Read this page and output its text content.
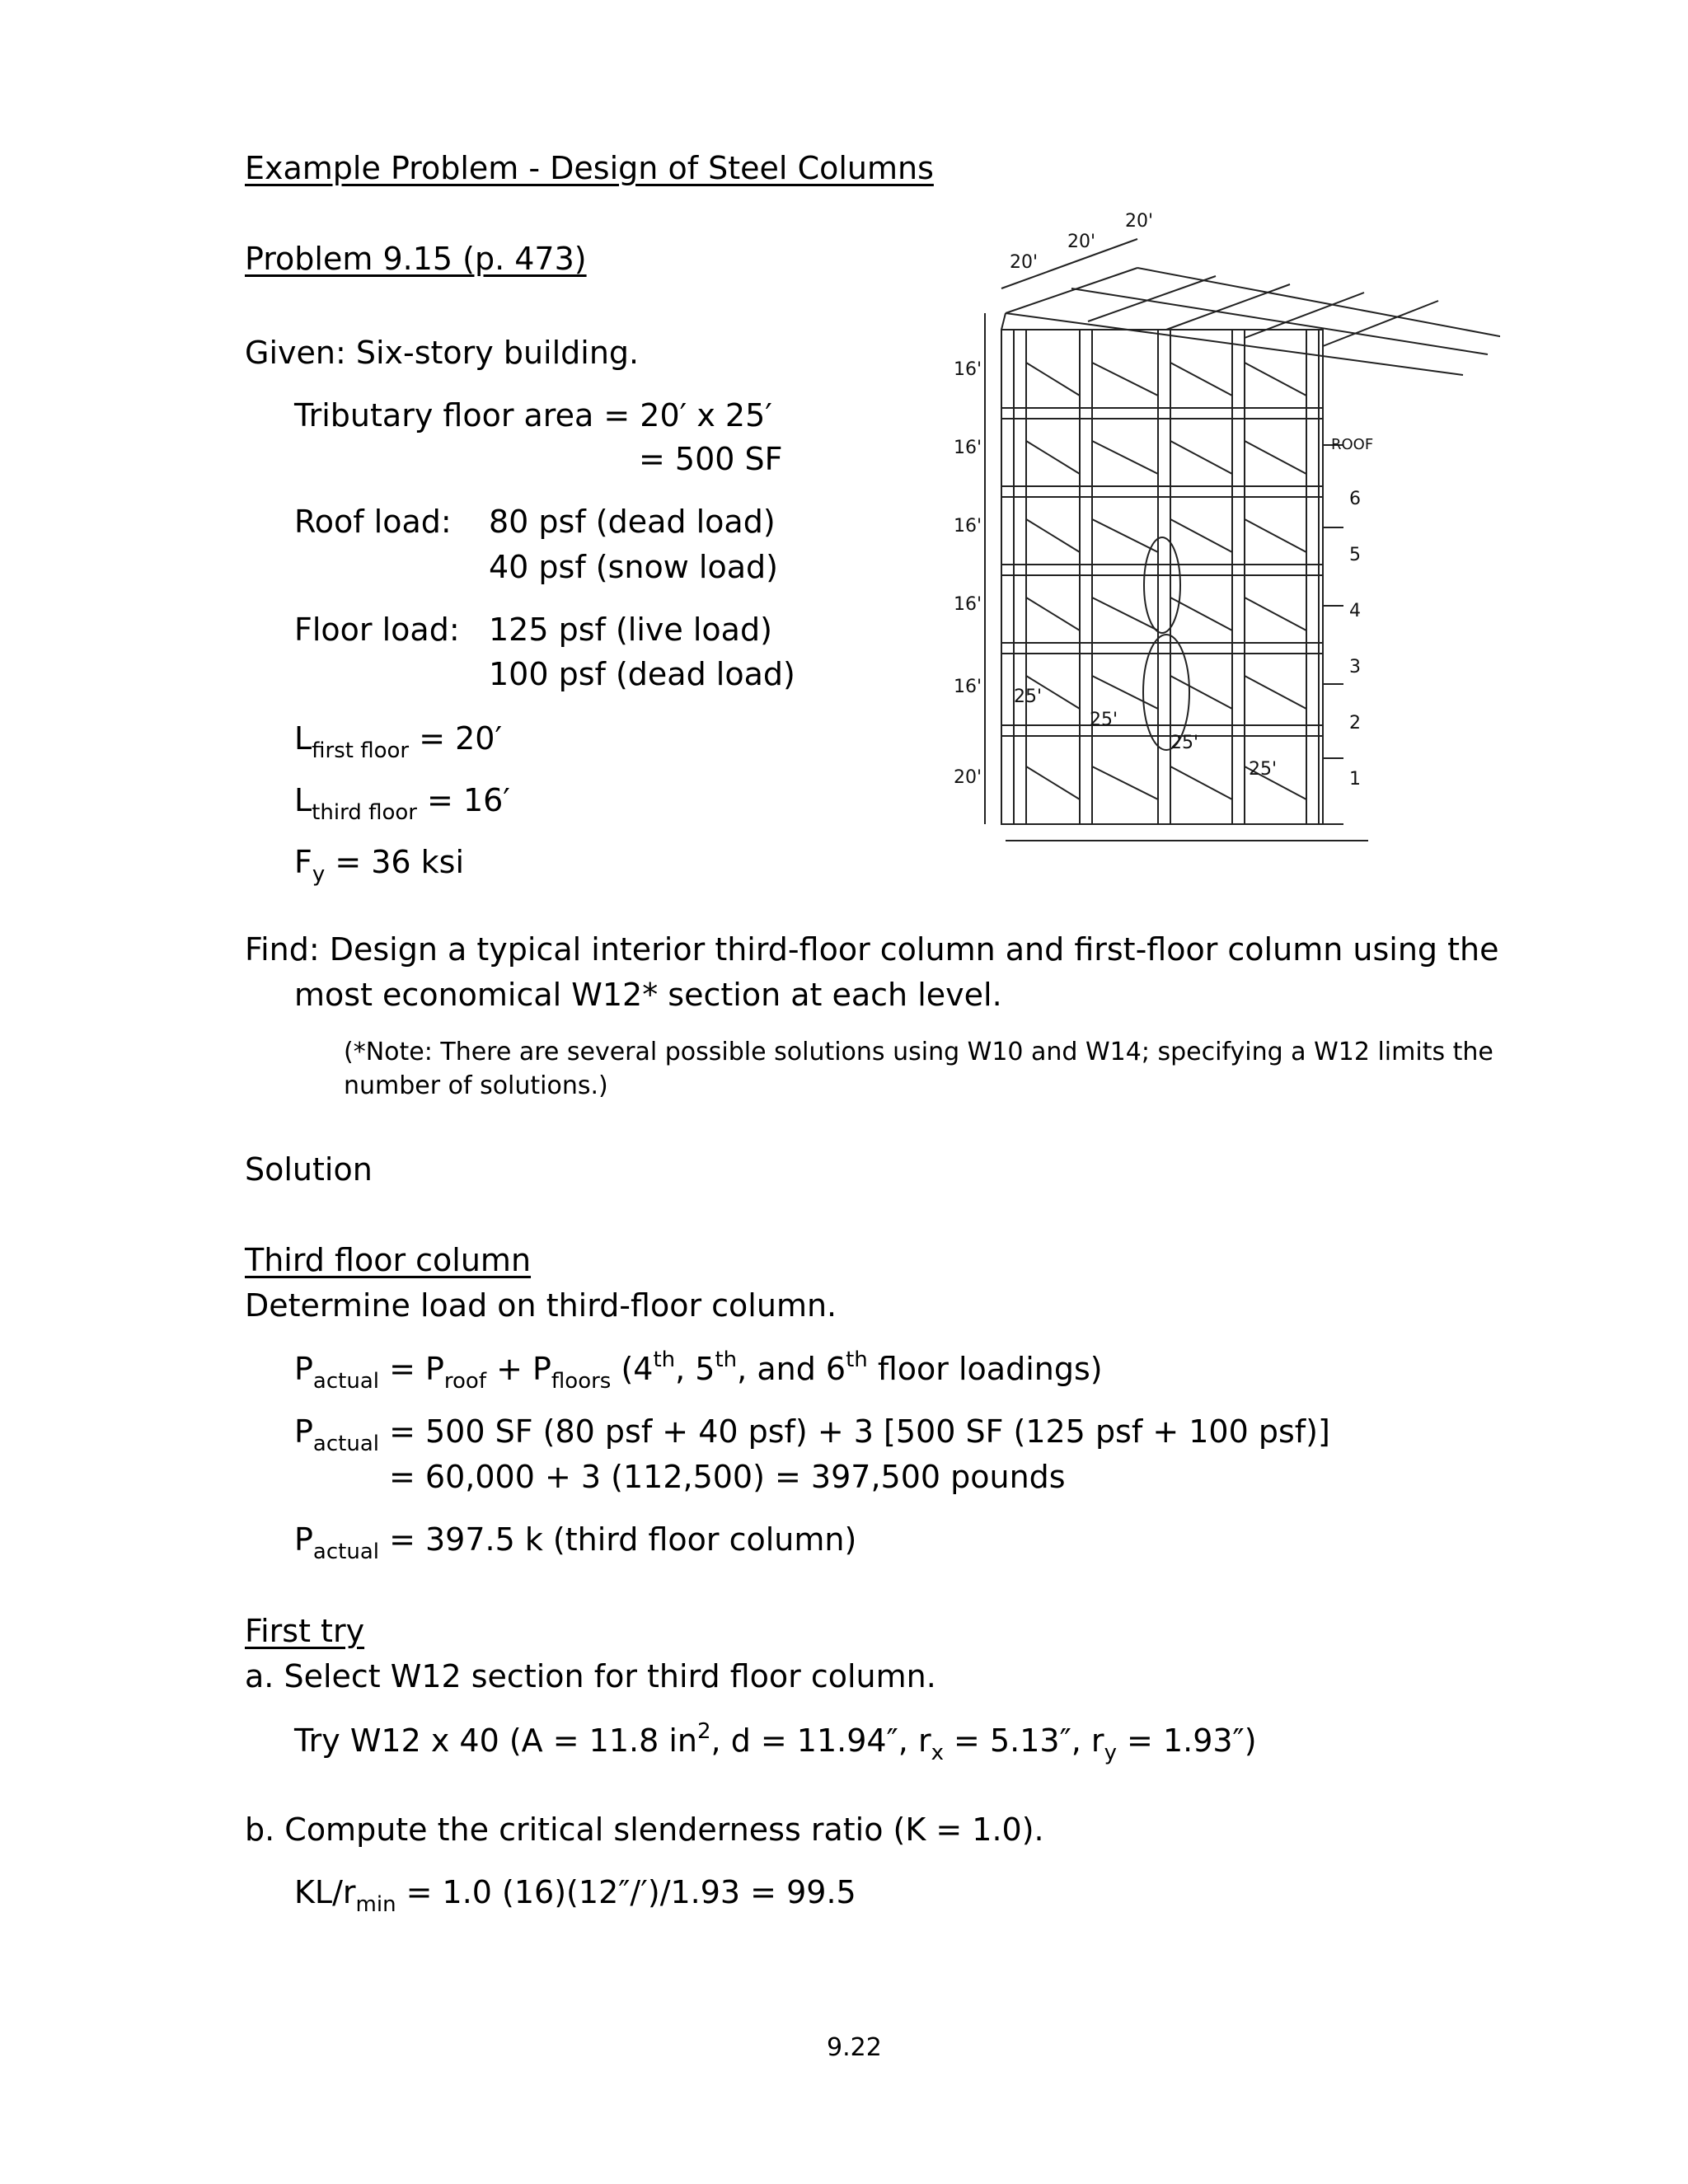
Example Problem - Design of Steel Columns
Problem 9.15 (p. 473)
Given: Six-story building.
Tributary floor area = 20′ x 25′
= 500 SF
Roof load: 80 psf (dead load)
40 psf (snow load)
Floor load: 125 psf (live load)
100 psf (dead load)
$L_{first floor} = 20'$
$L_{third floor} = 16'$
$F_y = 36$ ksi
20'
20'
20'
16'
16'
16'
16'
16'
20'
25'
25'
25'
25'
ROOF
6
5
4
3
2
1
Find: Design a typical interior third-floor column and first-floor column using the
most economical W12* section at each level.
(*Note: There are several possible solutions using W10 and W14; specifying a W12 limits the number of solutions.)
Solution
Third floor column
Determine load on third-floor column.
$P_{actual} = P_{roof} + P_{floors}$ (4th, 5th, and 6th floor loadings)
$P_{actual} = 500$ SF (80 psf + 40 psf) + 3 [500 SF (125 psf + 100 psf)]
= 60,000 + 3 (112,500) = 397,500 pounds
$P_{actual} = 397.5$ k (third floor column)
First try
a. Select W12 section for third floor column.
Try W12 x 40 (A = 11.8 $in^2$, d = 11.94″, $r_x = 5.13''$, $r_y = 1.93''$)
b. Compute the critical slenderness ratio (K = 1.0).
$KL/r_{min} = 1.0$ (16)(12″/′)/1.93 = 99.5
9.22
